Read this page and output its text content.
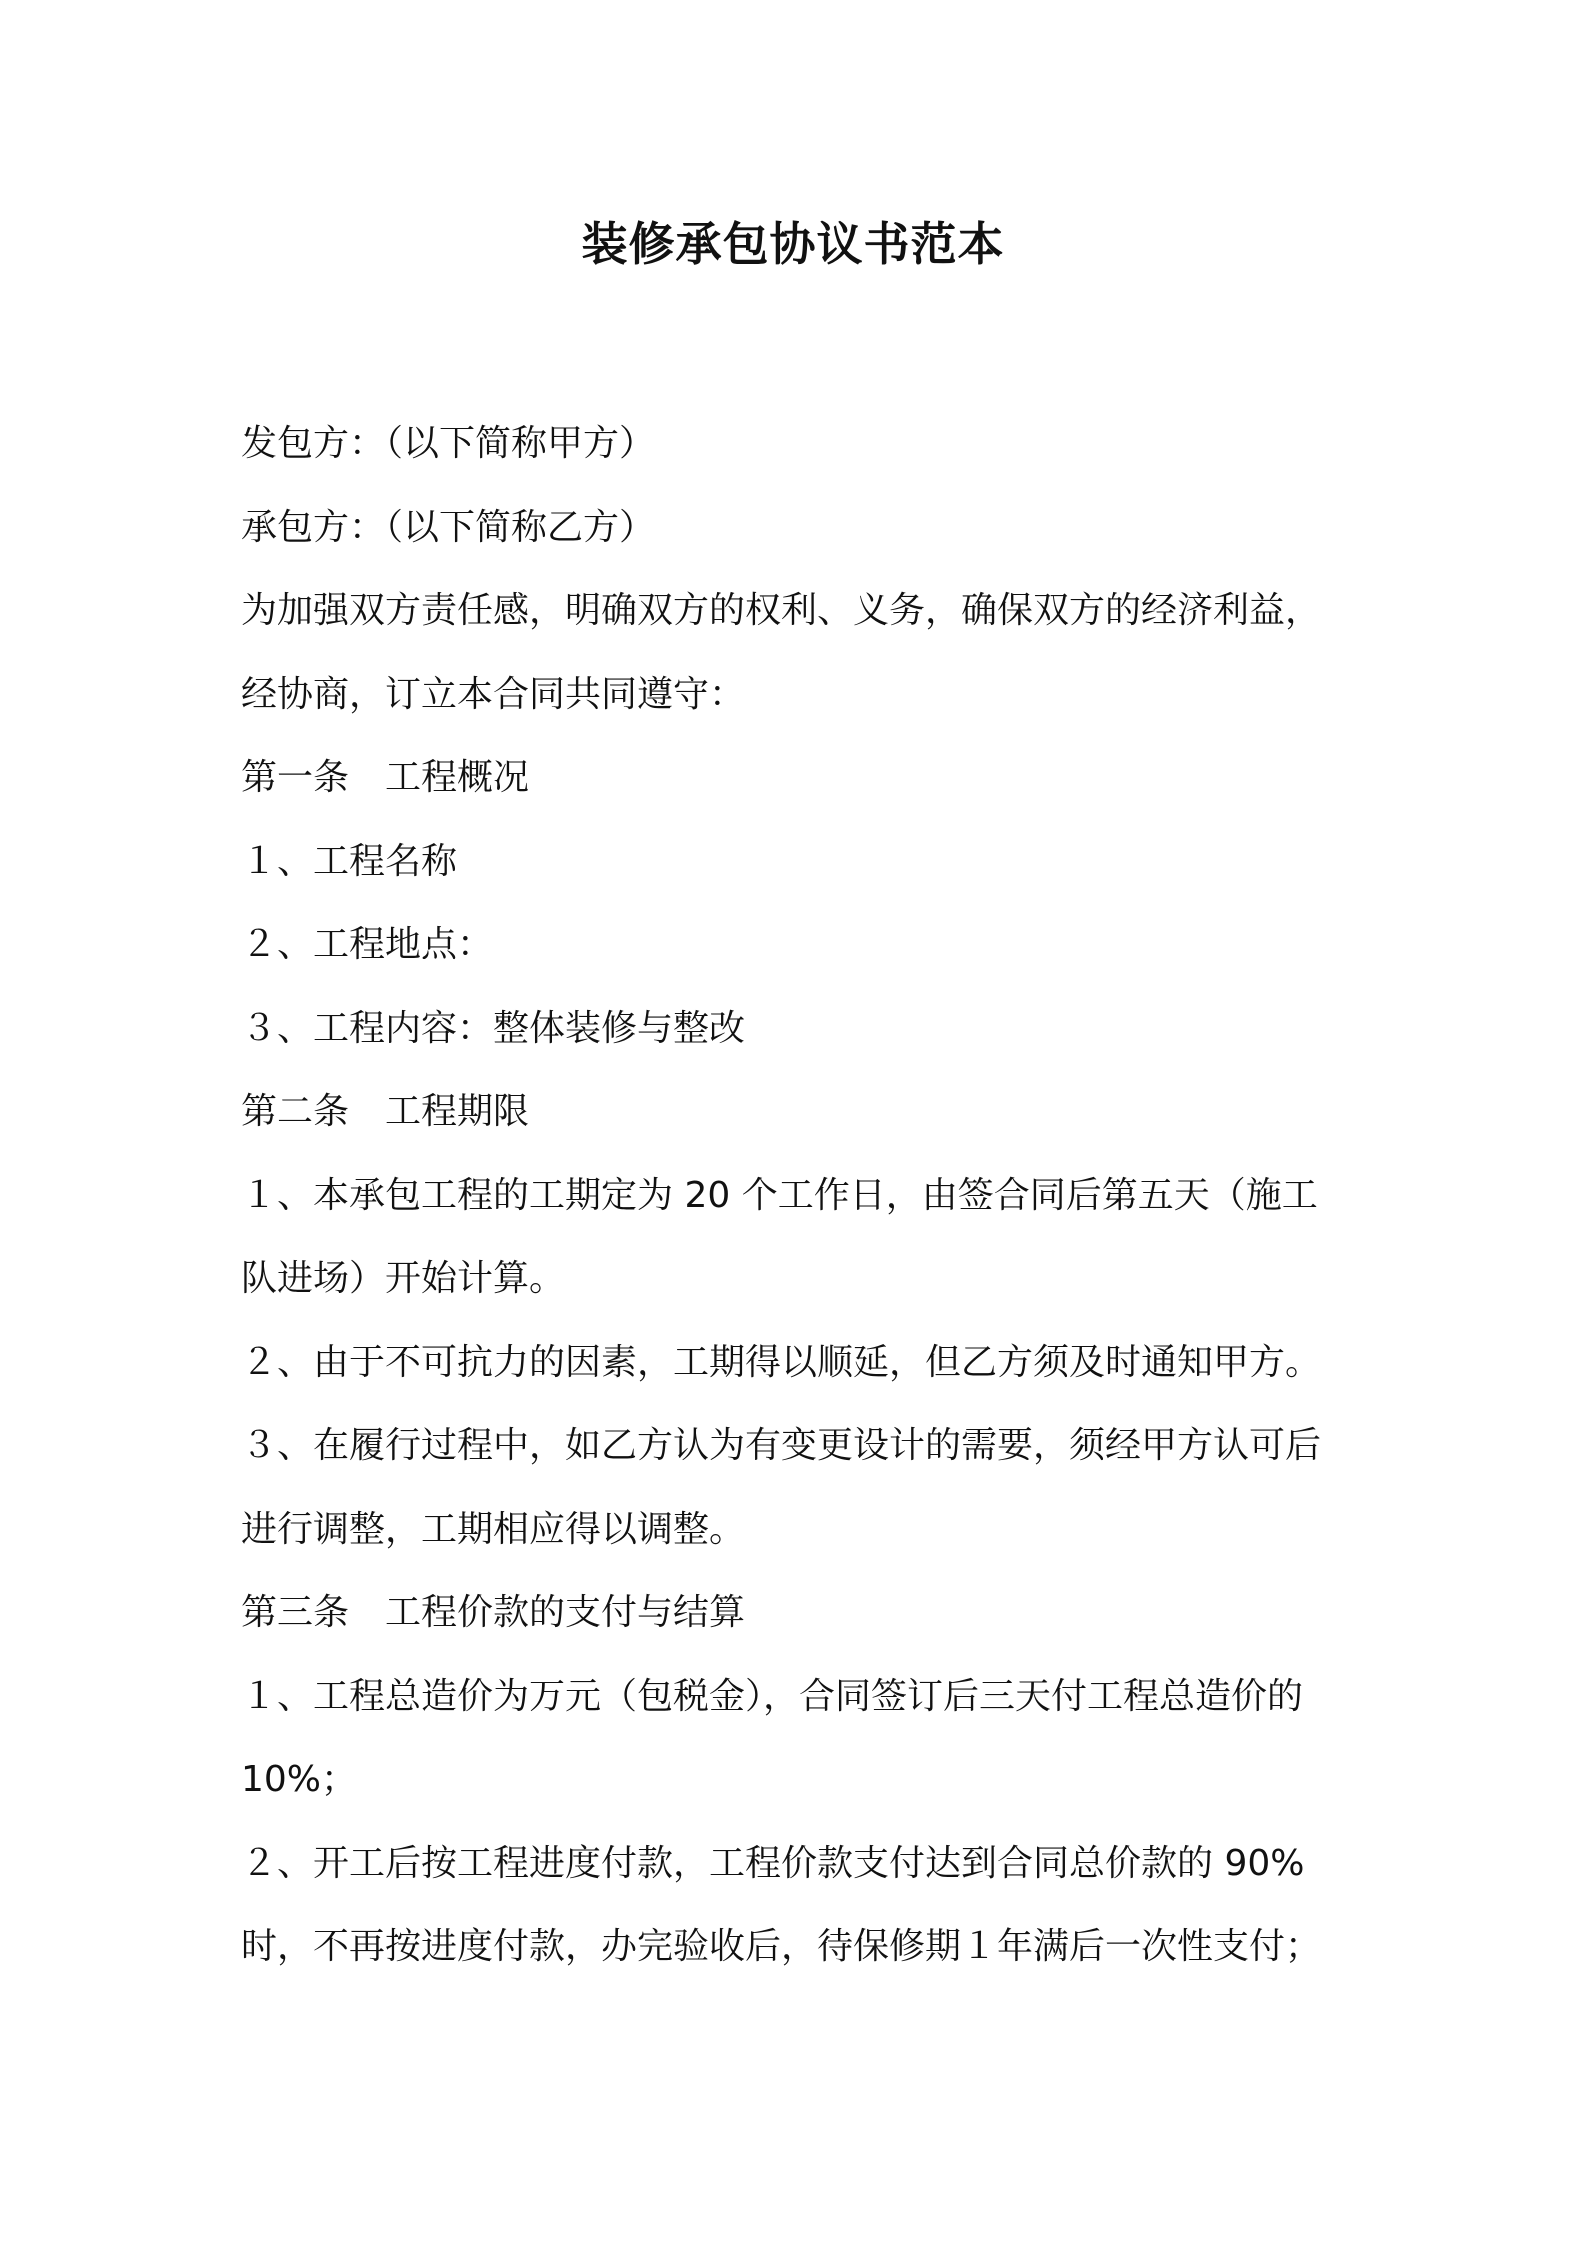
装修承包协议书范本
发包方：（以下简称甲方）
承包方：（以下简称乙方）
为加强双方责任感，明确双方的权利、义务，确保双方的经济利益，
经协商，订立本合同共同遵守：
第一条　工程概况
１、工程名称
２、工程地点：
３、工程内容：整体装修与整改
第二条　工程期限
１、本承包工程的工期定为 20 个工作日，由签合同后第五天（施工
队进场）开始计算。
２、由于不可抗力的因素，工期得以顺延，但乙方须及时通知甲方。
３、在履行过程中，如乙方认为有变更设计的需要，须经甲方认可后
进行调整，工期相应得以调整。
第三条　工程价款的支付与结算
１、工程总造价为万元（包税金），合同签订后三天付工程总造价的
10%；
２、开工后按工程进度付款，工程价款支付达到合同总价款的 90%
时，不再按进度付款，办完验收后，待保修期１年满后一次性支付；
